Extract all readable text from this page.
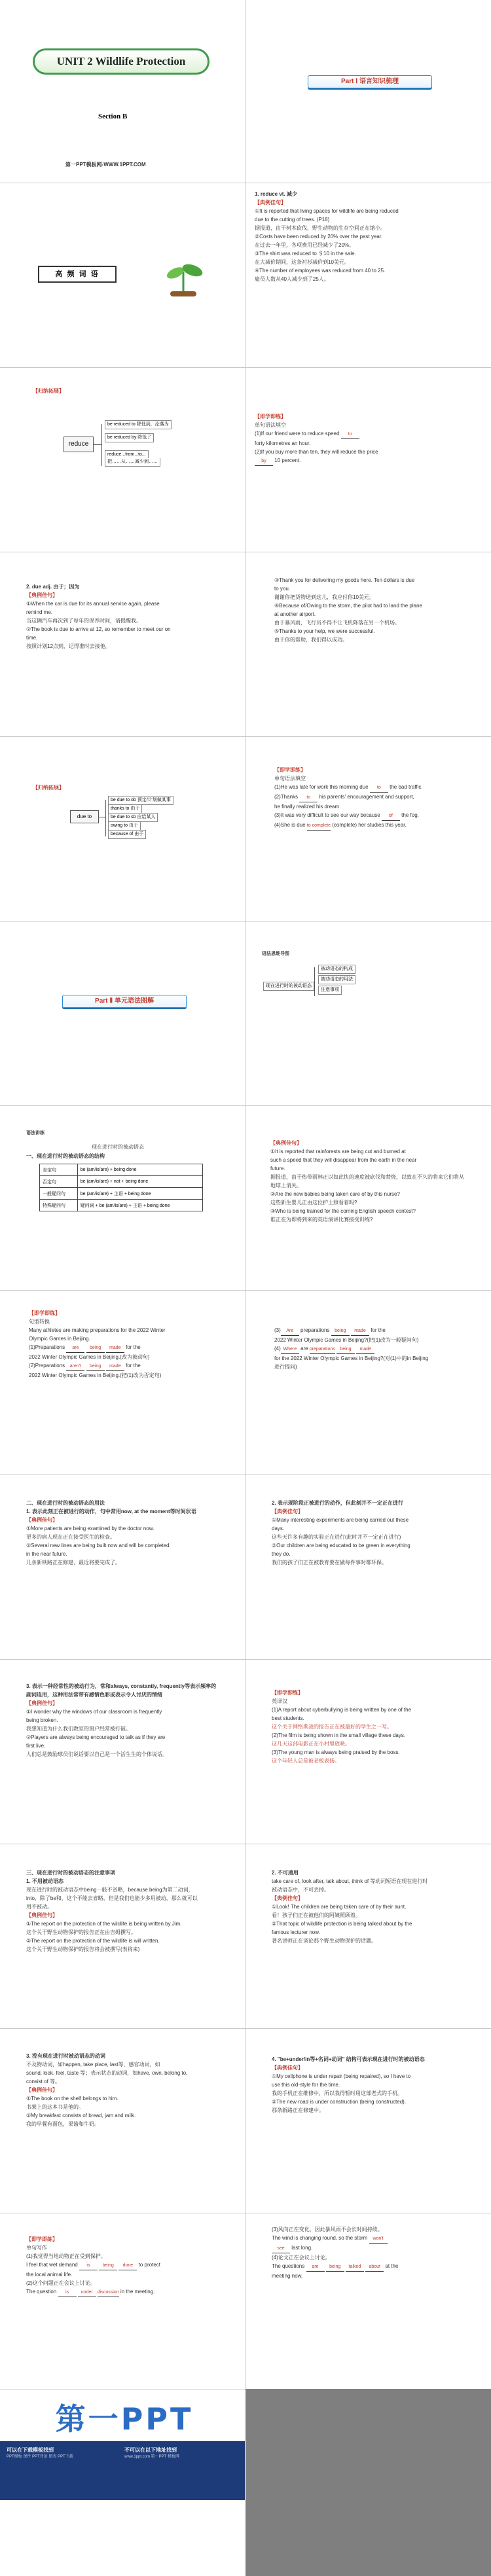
UNIT 2 Wildlife Protection
Section B
第一PPT模板网-WWW.1PPT.COM
Part Ⅰ 语言知识梳理
高 频 词 语
1. reduce vt. 减少
【典例佳句】
①It is reported that living spaces for wildlife are being reduced
due to the cutting of trees. (P18)
据报道，由于树木砍伐，野生动物的生存空间正在缩小。
②Costs have been reduced by 20% over the past year.
在过去一年里，各项费用已经减少了20%。
③The shirt was reduced to ＄10 in the sale.
在大减价期间，这条衬衫减价到10美元。
④The number of employees was reduced from 40 to 25.
雇员人数从40人减少到了25人。
【归纳拓展】
reduce
be reduced to 降低到，沦落为
be reduced by 降低了
reduce...from...to...
把……从……减少到……
【即学即练】
单句语法填空
(1)If our friend were to reduce speed to
forty kilometres an hour.
(2)If you buy more than ten, they will reduce the price
by 10 percent.
2. due adj. 由于；因为
【典例佳句】
①When the car is due for its annual service again, please
remind me.
当这辆汽车再次到了每年的保养时间，请提醒我。
②The book is due to arrive at 12, so remember to meet our on
time.
按照计划12点到，记得准时去接他。
③Thank you for delivering my goods here. Ten dollars is due
to you.
谢谢你把货物送到这儿，我应付你10美元。
④Because of/Owing to the storm, the pilot had to land the plane
at another airport.
由于暴风雨，飞行员不得不让飞机降落在另一个机场。
⑤Thanks to your help, we were successful.
由于你的帮助，我们得以成功。
【归纳拓展】
due to
be due to do 预定/计划做某事
thanks to 由于
be due to sb 应给某人
owing to 由于
because of 由于
【即学即练】
单句语法填空
(1)He was late for work this morning due to the bad traffic.
(2)Thanks to his parents' encouragement and support,
he finally realized his dream.
(3)It was very difficult to see our way because of the fog.
(4)She is due to complete (complete) her studies this year.
Part Ⅱ 单元语法图解
语法思维导图
现在进行时的被动语态
被动语态的构成
被动语态的用法
注意事项
语法讲练
现在进行时的被动语态
一、现在进行时的被动语态的结构
肯定句	be (am/is/are) + being done
否定句	be (am/is/are) + not + being done
一般疑问句	be (am/is/are) + 主语 + being done
特殊疑问句	疑问词 + be (am/is/are) + 主语 + being done
【典例佳句】
①It is reported that rainforests are being cut and burned at
such a speed that they will disappear from the earth in the near
future.
据报道，由于热带雨林正以如此快的速度被砍伐和焚烧，以致在不久的将来它们将从地球上消失。
②Are the new babies being taken care of by this nurse?
这些新生婴儿正由这位护士照看着吗?
③Who is being trained for the coming English speech contest?
谁正在为即将到来的英语演讲比赛接受训练?
【即学即练】
句型转换
Many athletes are making preparations for the 2022 Winter
Olympic Games in Beijing.
(1)Preparations are being made for the
2022 Winter Olympic Games in Beijing.(改为被动句)
(2)Preparations aren't being made for the
2022 Winter Olympic Games in Beijing.(把(1)改为否定句)
(3) Are preparations being made for the
2022 Winter Olympic Games in Beijing?(把(1)改为一般疑问句)
(4) Where are preparations being made
for the 2022 Winter Olympic Games in Beijing?(对(1)中的in Beijing
进行提问)
二、现在进行时的被动语态的用法
1. 表示此刻正在被进行的动作，句中常用now, at the moment等时间状语
【典例佳句】
①More patients are being examined by the doctor now.
更多的病人现在正在接受医生的检查。
②Several new lines are being built now and will be completed
in the near future.
几条新铁路正在修建，最近将要完成了。
2. 表示现阶段正被进行的动作，但此刻并不一定正在进行
【典例佳句】
①Many interesting experiments are being carried out these
days.
这些天许多有趣的实验正在进行(此时并不一定正在进行)
②Our children are being educated to be green in everything
they do.
我们的孩子们正在被教育要在做每件事时都环保。
3. 表示一种经常性的被动行为，常和always, constantly, frequently等表示频率的副词连用，这种用法常带有感情色彩或表示令人讨厌的情绪
【典例佳句】
①I wonder why the windows of our classroom is frequently
being broken.
我想知道为什么我们教室的窗户经常被打破。
②Players are always being encouraged to talk as if they are
first live.
人们总是鼓励球员们说话要以自己是一个活生生的个体说话。
【即学即练】
英译汉
(1)A report about cyberbullying is being written by one of the
best students.
这个关于网络欺凌的报告正在被最好的学生之一写。
(2)The film is being shown in the small village these days.
这几天这部电影正在小村里放映。
(3)The young man is always being praised by the boss.
这个年轻人总是被老板表扬。
三、现在进行时的被动语态的注意事项
1. 不用被动语态
现在进行时的被动语态中being一般不省略，because being为第二动词，
into，除了be和，这个不能去省略，但是我们也能少多用被动，那么就可以
用不被动。
【典例佳句】
①The report on the protection of the wildlife is being written by Jim.
这个关于野生动物保护的报告正在由吉姆撰写。
②The report on the protection of the wildlife is will written.
这个关于野生动物保护的报告将会被撰写(表将来)
2. 不可通用
take care of, look after, talk about, think of 等动词短语在现在进行时
被动语态中，不可丢掉。
【典例佳句】
①Look! The children are being taken care of by their aunt.
看！孩子们正在被他们的阿姨照顾着。
②That topic of wildlife protection is being talked about by the
famous lecturer now.
著名讲师正在谈论那个野生动物保护的话题。
3. 没有现在进行时被动语态的动词
不及物动词，如happen, take place, last等，感官动词，如
sound, look, feel, taste 等；表示状态的动词，如have, own, belong to,
consist of 等。
【典例佳句】
①The book on the shelf belongs to him.
书架上的这本书是他的。
②My breakfast consists of bread, jam and milk.
我的早餐有面包，果酱和牛奶。
4. "be+under/in等+名词+动词" 结构可表示现在进行时的被动语态
【典例佳句】
①My cellphone is under repair (being repaired), so I have to
use this old-style for the time.
我的手机正在维修中，所以我得暂时用这部老式的手机。
②The new road is under construction (being constructed).
那条新路正在修建中。
【即学即练】
单句写作
(1)我觉得当地动物正在受到保护。
I feel that wet demand is	being done to protect
the local animal life.
(2)这个问题正在会议上讨论。
The question is	under discussion in the meeting.
(3)风向正在变化，因此暴风雨不会长时间持续。
The wind is changing round, so the storm won't
see last long.
(4)论文正在会议上讨论。
The questions are being talked about at the
meeting now.
第一PPT
可以在下载模板找到
PPT模板 课件 PPT背景 图表 PPT下载
不可以在以下地址找到
www.1ppt.com 第一PPT 模板网
